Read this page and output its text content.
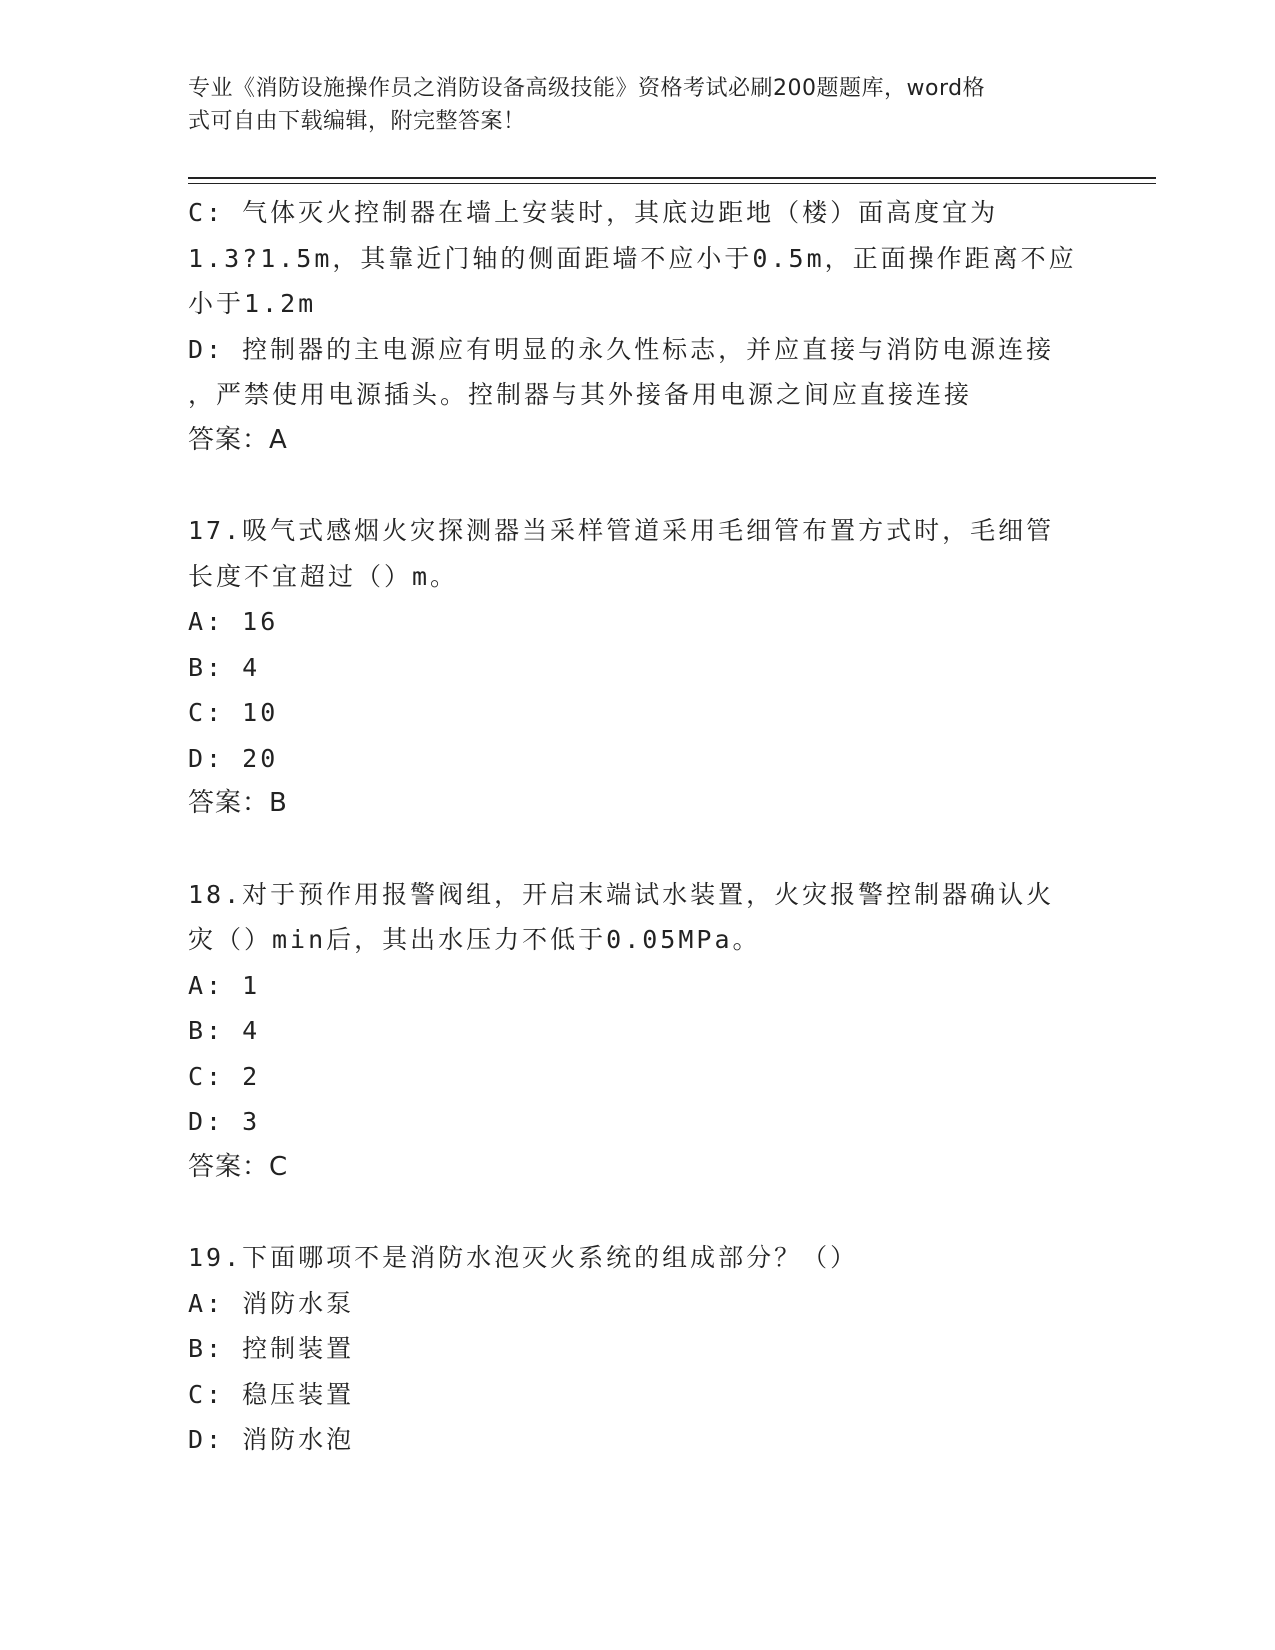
专业《消防设施操作员之消防设备高级技能》资格考试必刷200题题库，word格
式可自由下载编辑，附完整答案！

C: 气体灭火控制器在墙上安装时，其底边距地（楼）面高度宜为

1.3?1.5m，其靠近门轴的侧面距墙不应小于0.5m，正面操作距离不应

小于1.2m

D: 控制器的主电源应有明显的永久性标志，并应直接与消防电源连接

，严禁使用电源插头。控制器与其外接备用电源之间应直接连接

答案：A

17.吸气式感烟火灾探测器当采样管道采用毛细管布置方式时，毛细管

长度不宜超过（）m。

A: 16

B: 4

C: 10

D: 20

答案：B

18.对于预作用报警阀组，开启末端试水装置，火灾报警控制器确认火

灾（）min后，其出水压力不低于0.05MPa。

A: 1

B: 4

C: 2

D: 3

答案：C

19.下面哪项不是消防水泡灭火系统的组成部分？（）

A: 消防水泵

B: 控制装置

C: 稳压装置

D: 消防水泡
